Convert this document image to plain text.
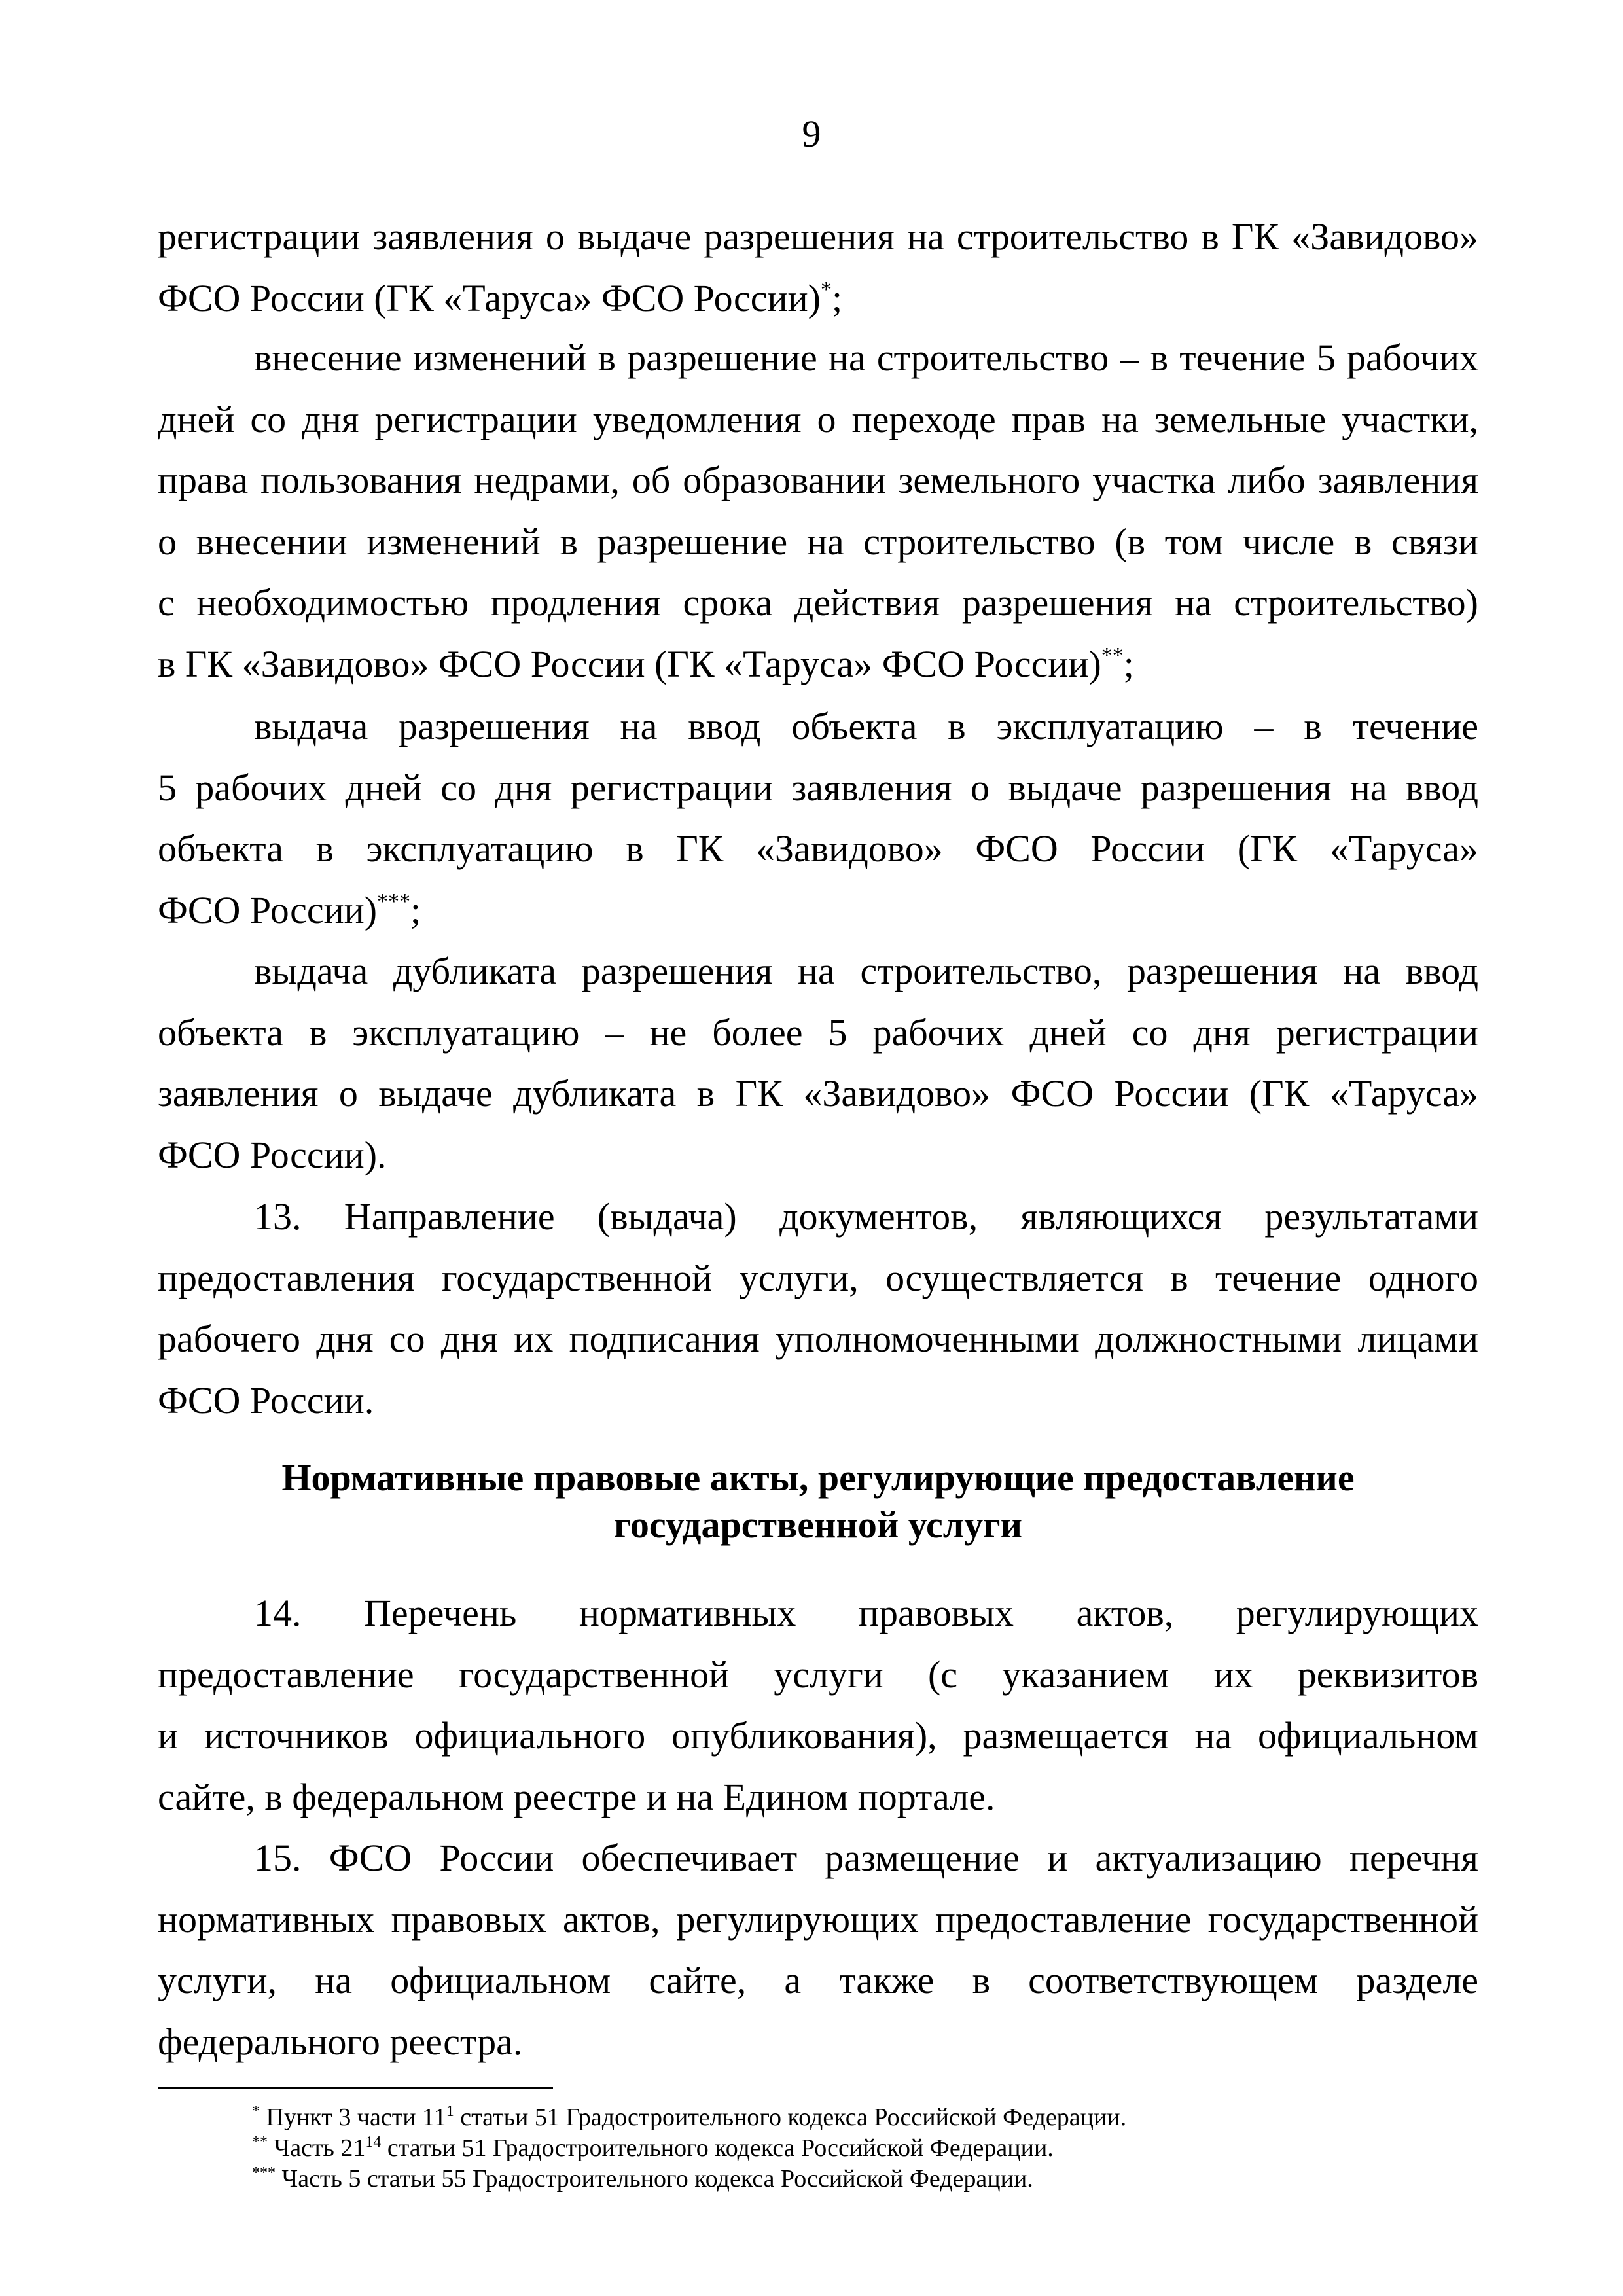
9
регистрации заявления о выдаче разрешения на строительство в ГК «Завидово»
ФСО России (ГК «Таруса» ФСО России)*;
внесение изменений в разрешение на строительство – в течение 5 рабочих
дней со дня регистрации уведомления о переходе прав на земельные участки,
права пользования недрами, об образовании земельного участка либо заявления
о внесении изменений в разрешение на строительство (в том числе в связи
с необходимостью продления срока действия разрешения на строительство)
в ГК «Завидово» ФСО России (ГК «Таруса» ФСО России)**;
выдача разрешения на ввод объекта в эксплуатацию – в течение
5 рабочих дней со дня регистрации заявления о выдаче разрешения на ввод
объекта в эксплуатацию в ГК «Завидово» ФСО России (ГК «Таруса»
ФСО России)***;
выдача дубликата разрешения на строительство, разрешения на ввод
объекта в эксплуатацию – не более 5 рабочих дней со дня регистрации
заявления о выдаче дубликата в ГК «Завидово» ФСО России (ГК «Таруса»
ФСО России).
13. Направление (выдача) документов, являющихся результатами
предоставления государственной услуги, осуществляется в течение одного
рабочего дня со дня их подписания уполномоченными должностными лицами
ФСО России.
14. Перечень нормативных правовых актов, регулирующих
предоставление государственной услуги (с указанием их реквизитов
и источников официального опубликования), размещается на официальном
сайте, в федеральном реестре и на Едином портале.
15. ФСО России обеспечивает размещение и актуализацию перечня
нормативных правовых актов, регулирующих предоставление государственной
услуги, на официальном сайте, а также в соответствующем разделе
федерального реестра.
Нормативные правовые акты, регулирующие предоставление
государственной услуги
* Пункт 3 части $11^1$ статьи 51 Градостроительного кодекса Российской Федерации.
** Часть $21^{14}$ статьи 51 Градостроительного кодекса Российской Федерации.
*** Часть 5 статьи 55 Градостроительного кодекса Российской Федерации.
